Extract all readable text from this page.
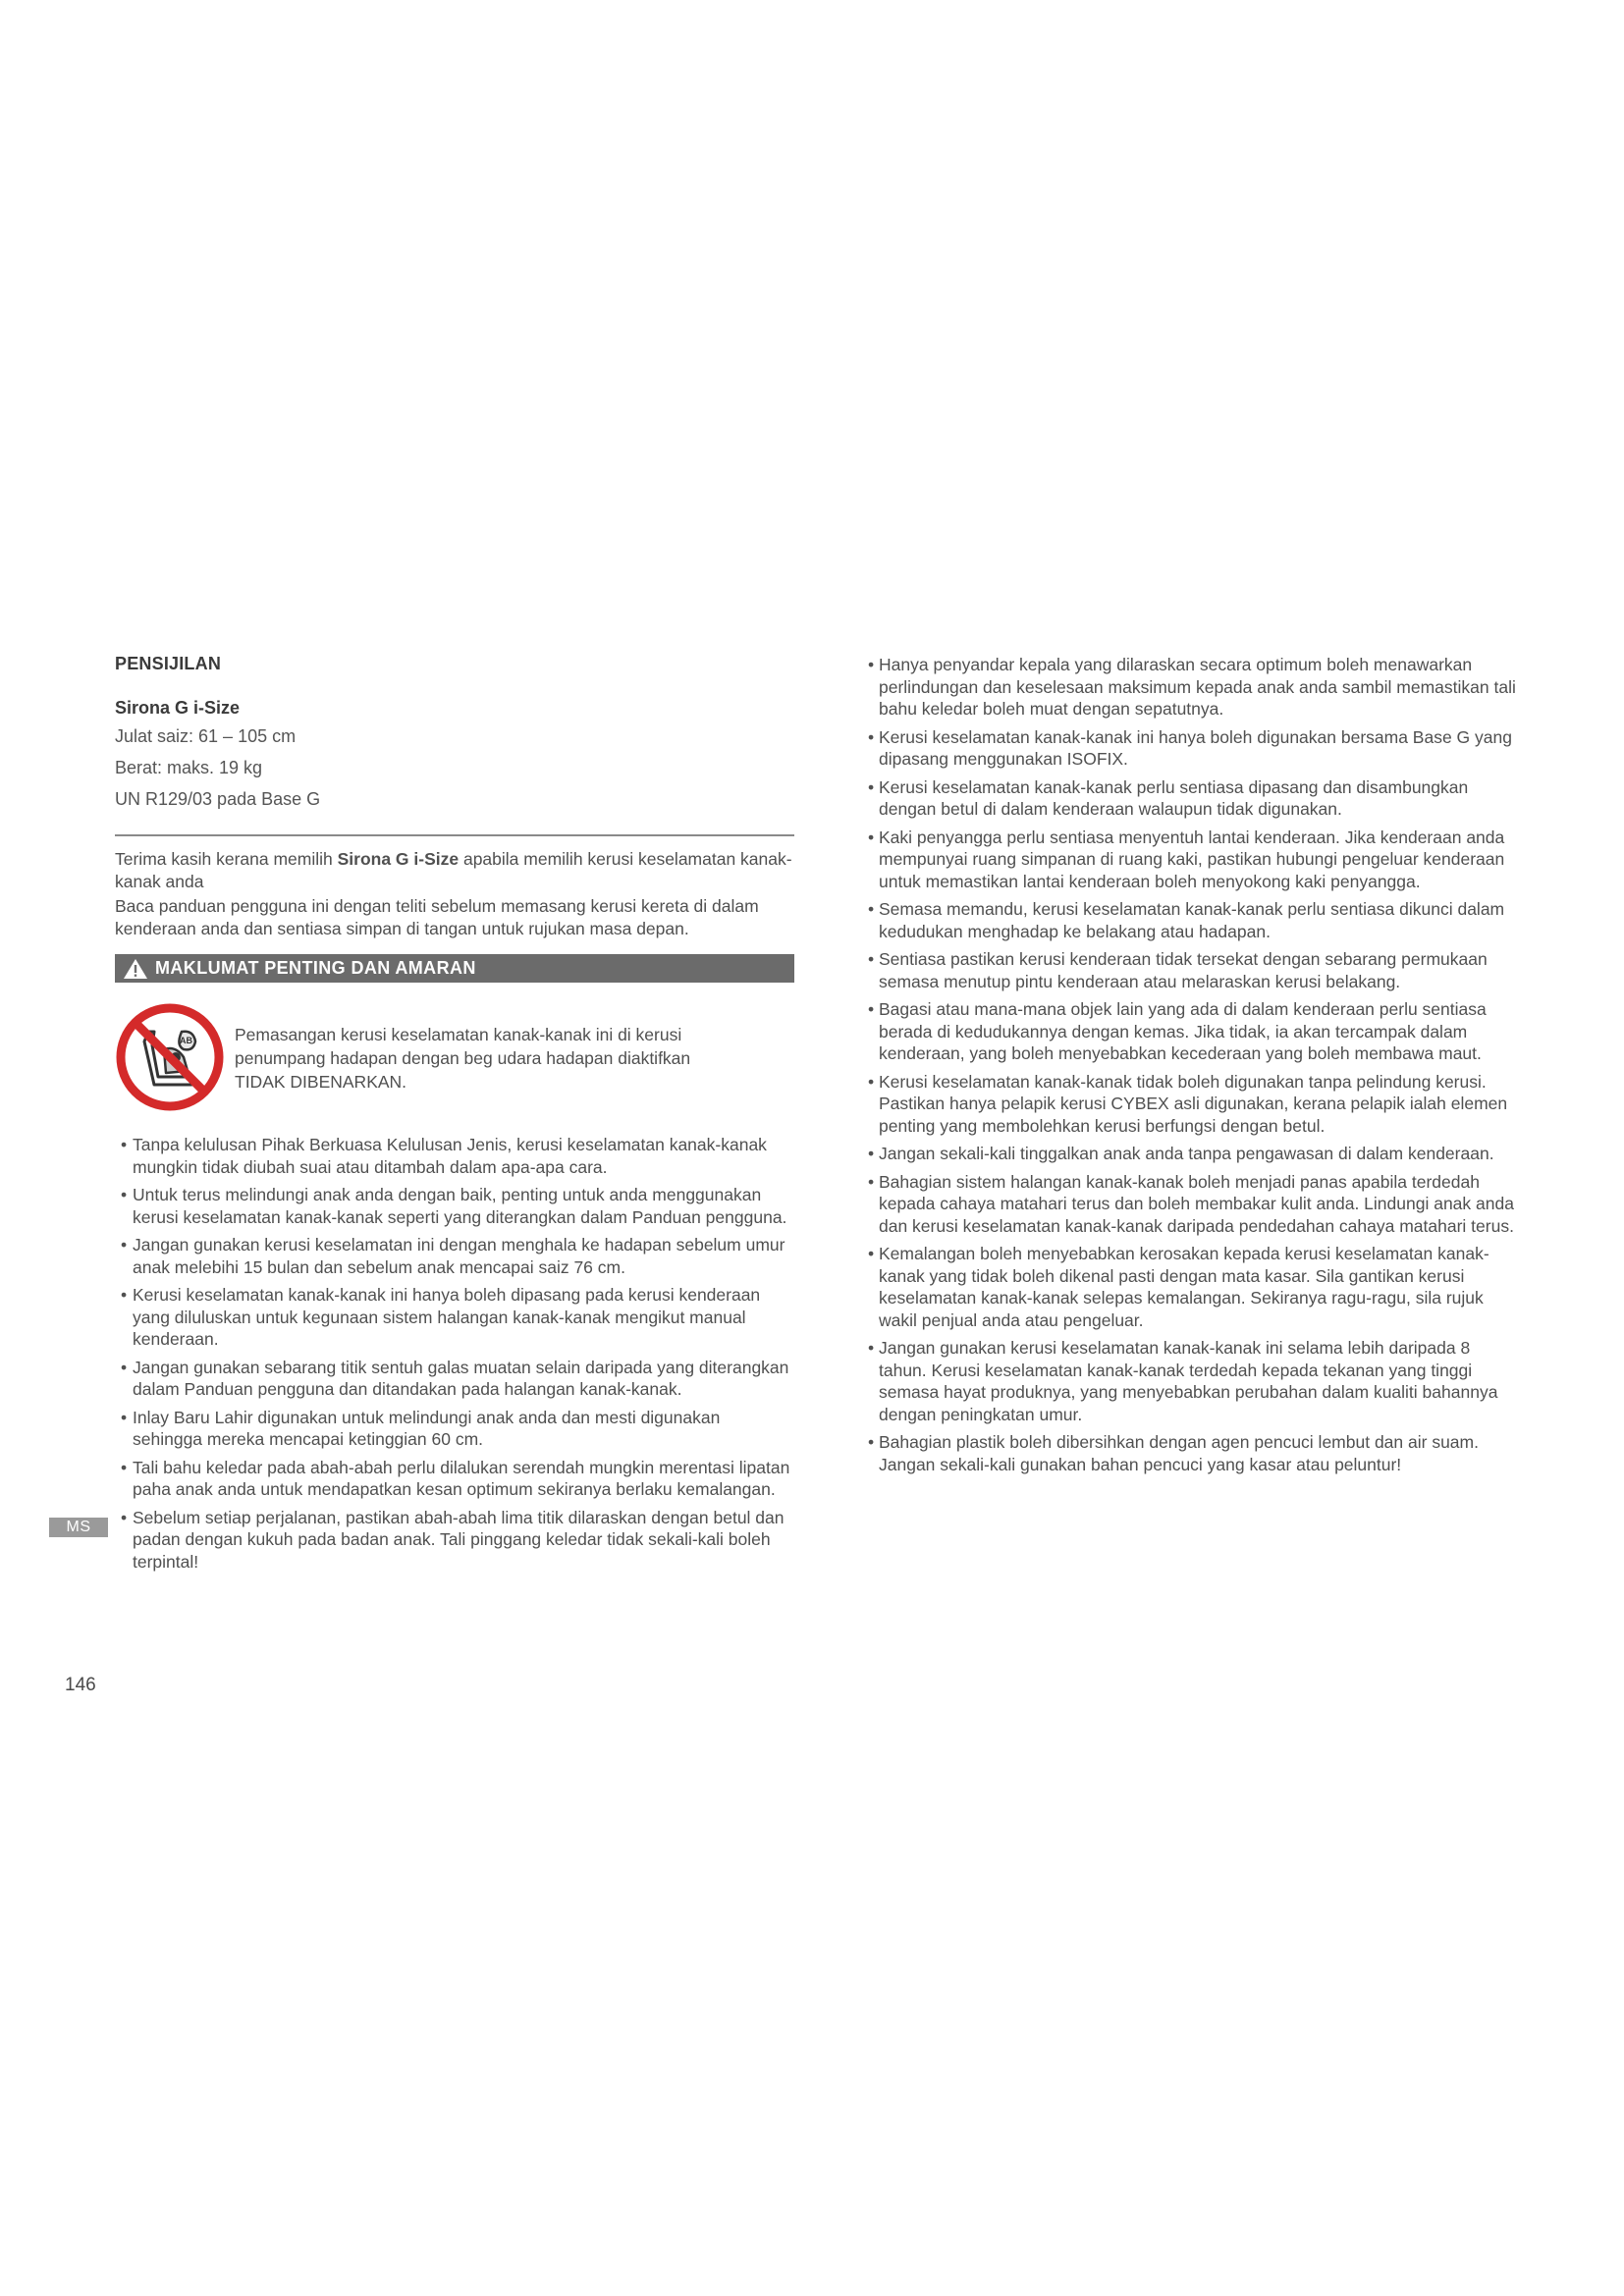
PENSIJILAN
Sirona G i-Size
Julat saiz: 61 – 105 cm
Berat: maks. 19 kg
UN R129/03 pada Base G

Terima kasih kerana memilih Sirona G i-Size apabila memilih kerusi keselamatan kanak-kanak anda

Baca panduan pengguna ini dengan teliti sebelum memasang kerusi kereta di dalam kenderaan anda dan sentiasa simpan di tangan untuk rujukan masa depan.

MAKLUMAT PENTING DAN AMARAN
AB Pemasangan kerusi keselamatan kanak-kanak ini di kerusi
penumpang hadapan dengan beg udara hadapan diaktifkan
TIDAK DIBENARKAN.
• Tanpa kelulusan Pihak Berkuasa Kelulusan Jenis, kerusi keselamatan kanak-kanak mungkin tidak diubah suai atau ditambah dalam apa-apa cara.
• Untuk terus melindungi anak anda dengan baik, penting untuk anda menggunakan kerusi keselamatan kanak-kanak seperti yang diterangkan dalam Panduan pengguna.
• Jangan gunakan kerusi keselamatan ini dengan menghala ke hadapan sebelum umur anak melebihi 15 bulan dan sebelum anak mencapai saiz 76 cm.
• Kerusi keselamatan kanak-kanak ini hanya boleh dipasang pada kerusi kenderaan yang diluluskan untuk kegunaan sistem halangan kanak-kanak mengikut manual kenderaan.
• Jangan gunakan sebarang titik sentuh galas muatan selain daripada yang diterangkan dalam Panduan pengguna dan ditandakan pada halangan kanak-kanak.
• Inlay Baru Lahir digunakan untuk melindungi anak anda dan mesti digunakan sehingga mereka mencapai ketinggian 60 cm.
• Tali bahu keledar pada abah-abah perlu dilalukan serendah mungkin merentasi lipatan paha anak anda untuk mendapatkan kesan optimum sekiranya berlaku kemalangan.
• Sebelum setiap perjalanan, pastikan abah-abah lima titik dilaraskan dengan betul dan padan dengan kukuh pada badan anak. Tali pinggang keledar tidak sekali-kali boleh terpintal!
• Hanya penyandar kepala yang dilaraskan secara optimum boleh menawarkan perlindungan dan keselesaan maksimum kepada anak anda sambil memastikan tali bahu keledar boleh muat dengan sepatutnya.
• Kerusi keselamatan kanak-kanak ini hanya boleh digunakan bersama Base G yang dipasang menggunakan ISOFIX.
• Kerusi keselamatan kanak-kanak perlu sentiasa dipasang dan disambungkan dengan betul di dalam kenderaan walaupun tidak digunakan.
• Kaki penyangga perlu sentiasa menyentuh lantai kenderaan. Jika kenderaan anda mempunyai ruang simpanan di ruang kaki, pastikan hubungi pengeluar kenderaan untuk memastikan lantai kenderaan boleh menyokong kaki penyangga.
• Semasa memandu, kerusi keselamatan kanak-kanak perlu sentiasa dikunci dalam kedudukan menghadap ke belakang atau hadapan.
• Sentiasa pastikan kerusi kenderaan tidak tersekat dengan sebarang permukaan semasa menutup pintu kenderaan atau melaraskan kerusi belakang.
• Bagasi atau mana-mana objek lain yang ada di dalam kenderaan perlu sentiasa berada di kedudukannya dengan kemas. Jika tidak, ia akan tercampak dalam kenderaan, yang boleh menyebabkan kecederaan yang boleh membawa maut.
• Kerusi keselamatan kanak-kanak tidak boleh digunakan tanpa pelindung kerusi. Pastikan hanya pelapik kerusi CYBEX asli digunakan, kerana pelapik ialah elemen penting yang membolehkan kerusi berfungsi dengan betul.
• Jangan sekali-kali tinggalkan anak anda tanpa pengawasan di dalam kenderaan.
• Bahagian sistem halangan kanak-kanak boleh menjadi panas apabila terdedah kepada cahaya matahari terus dan boleh membakar kulit anda. Lindungi anak anda dan kerusi keselamatan kanak-kanak daripada pendedahan cahaya matahari terus.
• Kemalangan boleh menyebabkan kerosakan kepada kerusi keselamatan kanak-kanak yang tidak boleh dikenal pasti dengan mata kasar. Sila gantikan kerusi keselamatan kanak-kanak selepas kemalangan. Sekiranya ragu-ragu, sila rujuk wakil penjual anda atau pengeluar.
• Jangan gunakan kerusi keselamatan kanak-kanak ini selama lebih daripada 8 tahun. Kerusi keselamatan kanak-kanak terdedah kepada tekanan yang tinggi semasa hayat produknya, yang menyebabkan perubahan dalam kualiti bahannya dengan peningkatan umur.
• Bahagian plastik boleh dibersihkan dengan agen pencuci lembut dan air suam. Jangan sekali-kali gunakan bahan pencuci yang kasar atau peluntur!
MS
146
